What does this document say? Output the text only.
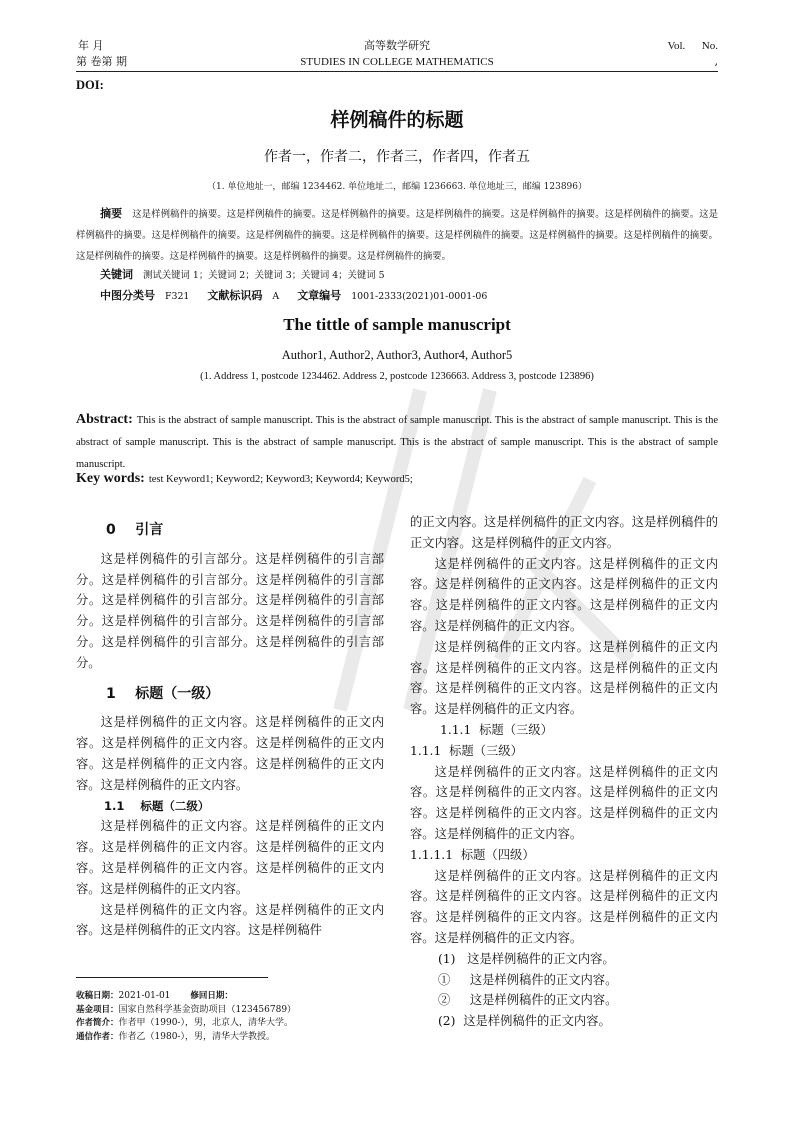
年 月
第 卷第 期
高等数学研究
STUDIES IN COLLEGE MATHEMATICS
Vol.      No.
,
DOI:
样例稿件的标题
作者一，作者二，作者三，作者四，作者五
（1. 单位地址一，邮编 1234462. 单位地址二，邮编 1236663. 单位地址三，邮编 123896）
摘要 这是样例稿件的摘要。这是样例稿件的摘要。这是样例稿件的摘要。这是样例稿件的摘要。这是样例稿件的摘要。这是样例稿件的摘要。这是样例稿件的摘要。这是样例稿件的摘要。这是样例稿件的摘要。这是样例稿件的摘要。这是样例稿件的摘要。这是样例稿件的摘要。这是样例稿件的摘要。这是样例稿件的摘要。这是样例稿件的摘要。这是样例稿件的摘要。这是样例稿件的摘要。
关键词 测试关键词 1；关键词 2；关键词 3；关键词 4；关键词 5
中图分类号 F321 文献标识码 A 文章编号 1001-2333(2021)01-0001-06
The tittle of sample manuscript
Author1, Author2, Author3, Author4, Author5
(1. Address 1, postcode 1234462. Address 2, postcode 1236663. Address 3, postcode 123896)
Abstract: This is the abstract of sample manuscript. This is the abstract of sample manuscript. This is the abstract of sample manuscript. This is the abstract of sample manuscript. This is the abstract of sample manuscript. This is the abstract of sample manuscript. This is the abstract of sample manuscript.
Key words: test Keyword1; Keyword2; Keyword3; Keyword4; Keyword5;
0    引言

这是样例稿件的引言部分。这是样例稿件的引言部分。这是样例稿件的引言部分。这是样例稿件的引言部分。这是样例稿件的引言部分。这是样例稿件的引言部分。这是样例稿件的引言部分。这是样例稿件的引言部分。这是样例稿件的引言部分。这是样例稿件的引言部分。

1    标题（一级）

这是样例稿件的正文内容。这是样例稿件的正文内容。这是样例稿件的正文内容。这是样例稿件的正文内容。这是样例稿件的正文内容。这是样例稿件的正文内容。这是样例稿件的正文内容。

1.1    标题（二级）

这是样例稿件的正文内容。这是样例稿件的正文内容。这是样例稿件的正文内容。这是样例稿件的正文内容。这是样例稿件的正文内容。这是样例稿件的正文内容。这是样例稿件的正文内容。

这是样例稿件的正文内容。这是样例稿件的正文内容。这是样例稿件的正文内容。这是样例稿件

的正文内容。这是样例稿件的正文内容。这是样例稿件的正文内容。这是样例稿件的正文内容。

这是样例稿件的正文内容。这是样例稿件的正文内容。这是样例稿件的正文内容。这是样例稿件的正文内容。这是样例稿件的正文内容。这是样例稿件的正文内容。这是样例稿件的正文内容。

这是样例稿件的正文内容。这是样例稿件的正文内容。这是样例稿件的正文内容。这是样例稿件的正文内容。这是样例稿件的正文内容。这是样例稿件的正文内容。这是样例稿件的正文内容。

1.1.1  标题（三级）
1.1.1  标题（三级）

这是样例稿件的正文内容。这是样例稿件的正文内容。这是样例稿件的正文内容。这是样例稿件的正文内容。这是样例稿件的正文内容。这是样例稿件的正文内容。这是样例稿件的正文内容。

1.1.1.1  标题（四级）

这是样例稿件的正文内容。这是样例稿件的正文内容。这是样例稿件的正文内容。这是样例稿件的正文内容。这是样例稿件的正文内容。这是样例稿件的正文内容。这是样例稿件的正文内容。

(1)   这是样例稿件的正文内容。
①     这是样例稿件的正文内容。
②     这是样例稿件的正文内容。
(2)  这是样例稿件的正文内容。
收稿日期：2021-01-01 修回日期：
基金项目：国家自然科学基金资助项目（123456789）
作者简介：作者甲（1990-），男，北京人，清华大学。
通信作者：作者乙（1980-），男，清华大学教授。
